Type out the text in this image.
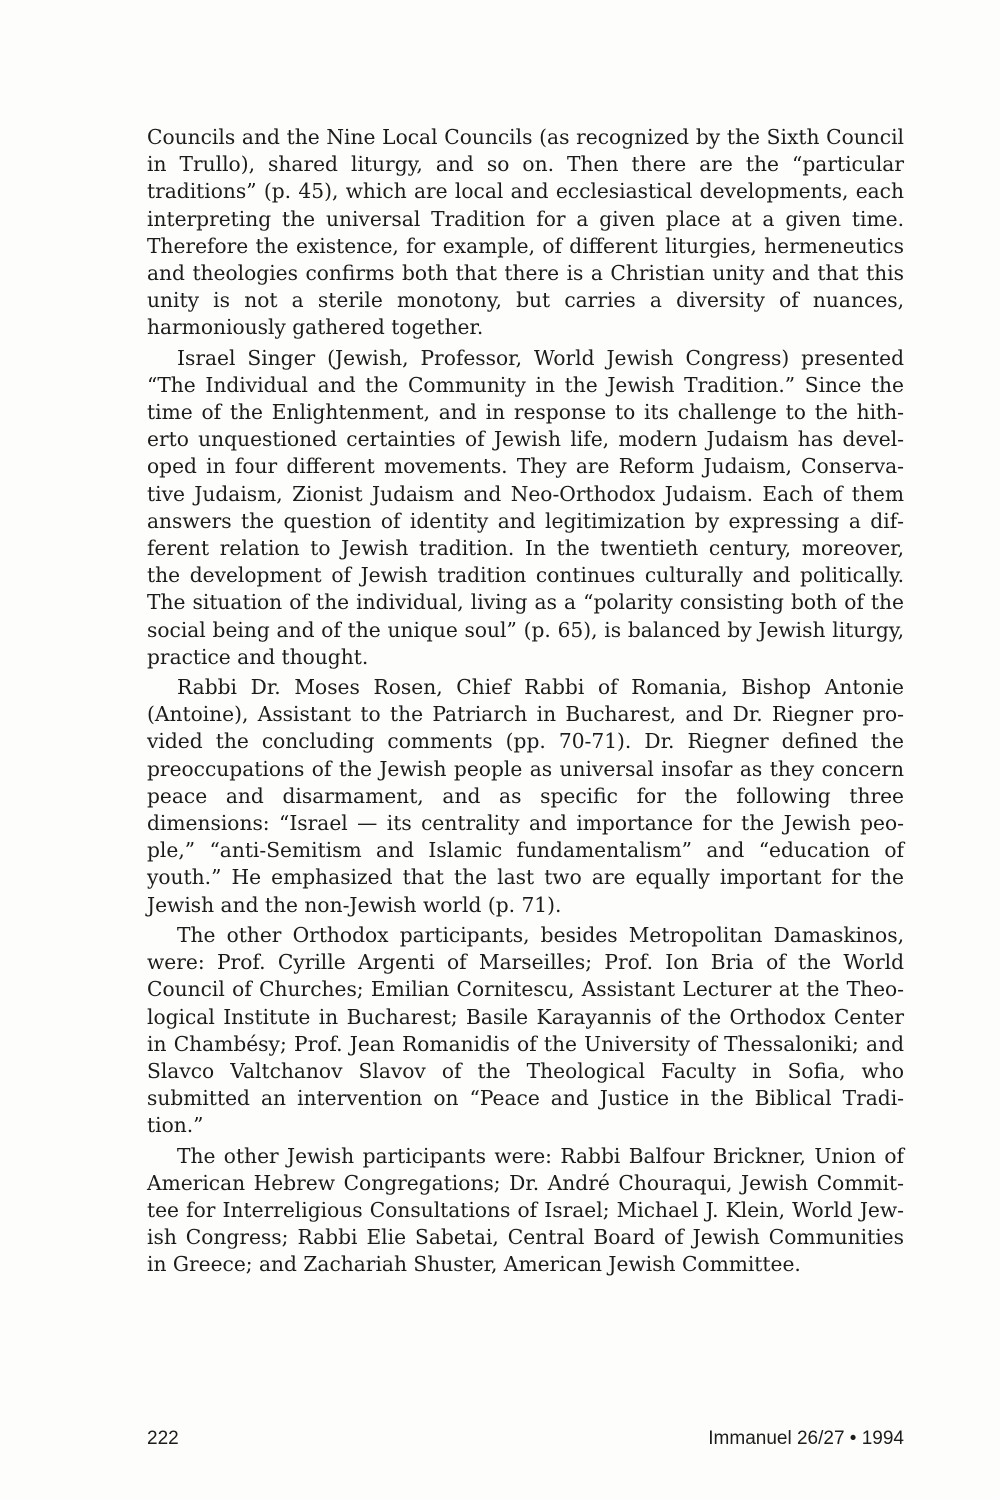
Councils and the Nine Local Councils (as recognized by the Sixth Council in Trullo), shared liturgy, and so on. Then there are the “particular traditions” (p. 45), which are local and ecclesiastical developments, each interpreting the universal Tradition for a given place at a given time. Therefore the existence, for example, of different liturgies, hermeneutics and theologies confirms both that there is a Christian unity and that this unity is not a sterile monotony, but carries a diversity of nuances, harmoniously gathered together.

Israel Singer (Jewish, Professor, World Jewish Congress) presented “The Individual and the Community in the Jewish Tradition.” Since the time of the Enlightenment, and in response to its challenge to the hitherto unquestioned certainties of Jewish life, modern Judaism has developed in four different movements. They are Reform Judaism, Conservative Judaism, Zionist Judaism and Neo-Orthodox Judaism. Each of them answers the question of identity and legitimization by expressing a different relation to Jewish tradition. In the twentieth century, moreover, the development of Jewish tradition continues culturally and politically. The situation of the individual, living as a “polarity consisting both of the social being and of the unique soul” (p. 65), is balanced by Jewish liturgy, practice and thought.

Rabbi Dr. Moses Rosen, Chief Rabbi of Romania, Bishop Antonie (Antoine), Assistant to the Patriarch in Bucharest, and Dr. Riegner provided the concluding comments (pp. 70-71). Dr. Riegner defined the preoccupations of the Jewish people as universal insofar as they concern peace and disarmament, and as specific for the following three dimensions: “Israel — its centrality and importance for the Jewish people,” “anti-Semitism and Islamic fundamentalism” and “education of youth.” He emphasized that the last two are equally important for the Jewish and the non-Jewish world (p. 71).

The other Orthodox participants, besides Metropolitan Damaskinos, were: Prof. Cyrille Argenti of Marseilles; Prof. Ion Bria of the World Council of Churches; Emilian Cornitescu, Assistant Lecturer at the Theological Institute in Bucharest; Basile Karayannis of the Orthodox Center in Chambésy; Prof. Jean Romanidis of the University of Thessaloniki; and Slavco Valtchanov Slavov of the Theological Faculty in Sofia, who submitted an intervention on “Peace and Justice in the Biblical Tradition.”

The other Jewish participants were: Rabbi Balfour Brickner, Union of American Hebrew Congregations; Dr. André Chouraqui, Jewish Committee for Interreligious Consultations of Israel; Michael J. Klein, World Jewish Congress; Rabbi Elie Sabetai, Central Board of Jewish Communities in Greece; and Zachariah Shuster, American Jewish Committee.

222	Immanuel 26/27 • 1994
